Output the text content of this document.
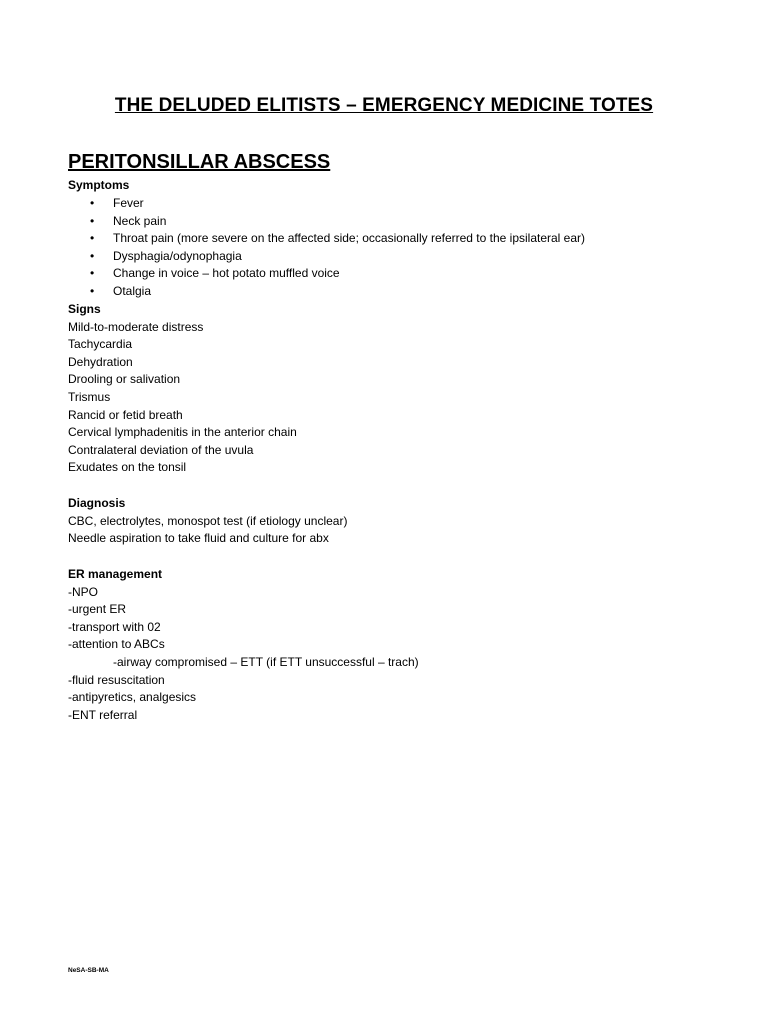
THE DELUDED ELITISTS – EMERGENCY MEDICINE TOTES
PERITONSILLAR ABSCESS
Symptoms
• Fever
• Neck pain
• Throat pain (more severe on the affected side; occasionally referred to the ipsilateral ear)
• Dysphagia/odynophagia
• Change in voice – hot potato muffled voice
• Otalgia
Signs
Mild-to-moderate distress
Tachycardia
Dehydration
Drooling or salivation
Trismus
Rancid or fetid breath
Cervical lymphadenitis in the anterior chain
Contralateral deviation of the uvula
Exudates on the tonsil
Diagnosis
CBC, electrolytes, monospot test (if etiology unclear)
Needle aspiration to take fluid and culture for abx
ER management
-NPO
-urgent ER
-transport with 02
-attention to ABCs
-airway compromised – ETT (if ETT unsuccessful – trach)
-fluid resuscitation
-antipyretics, analgesics
-ENT referral
NeSA-SB-MA
